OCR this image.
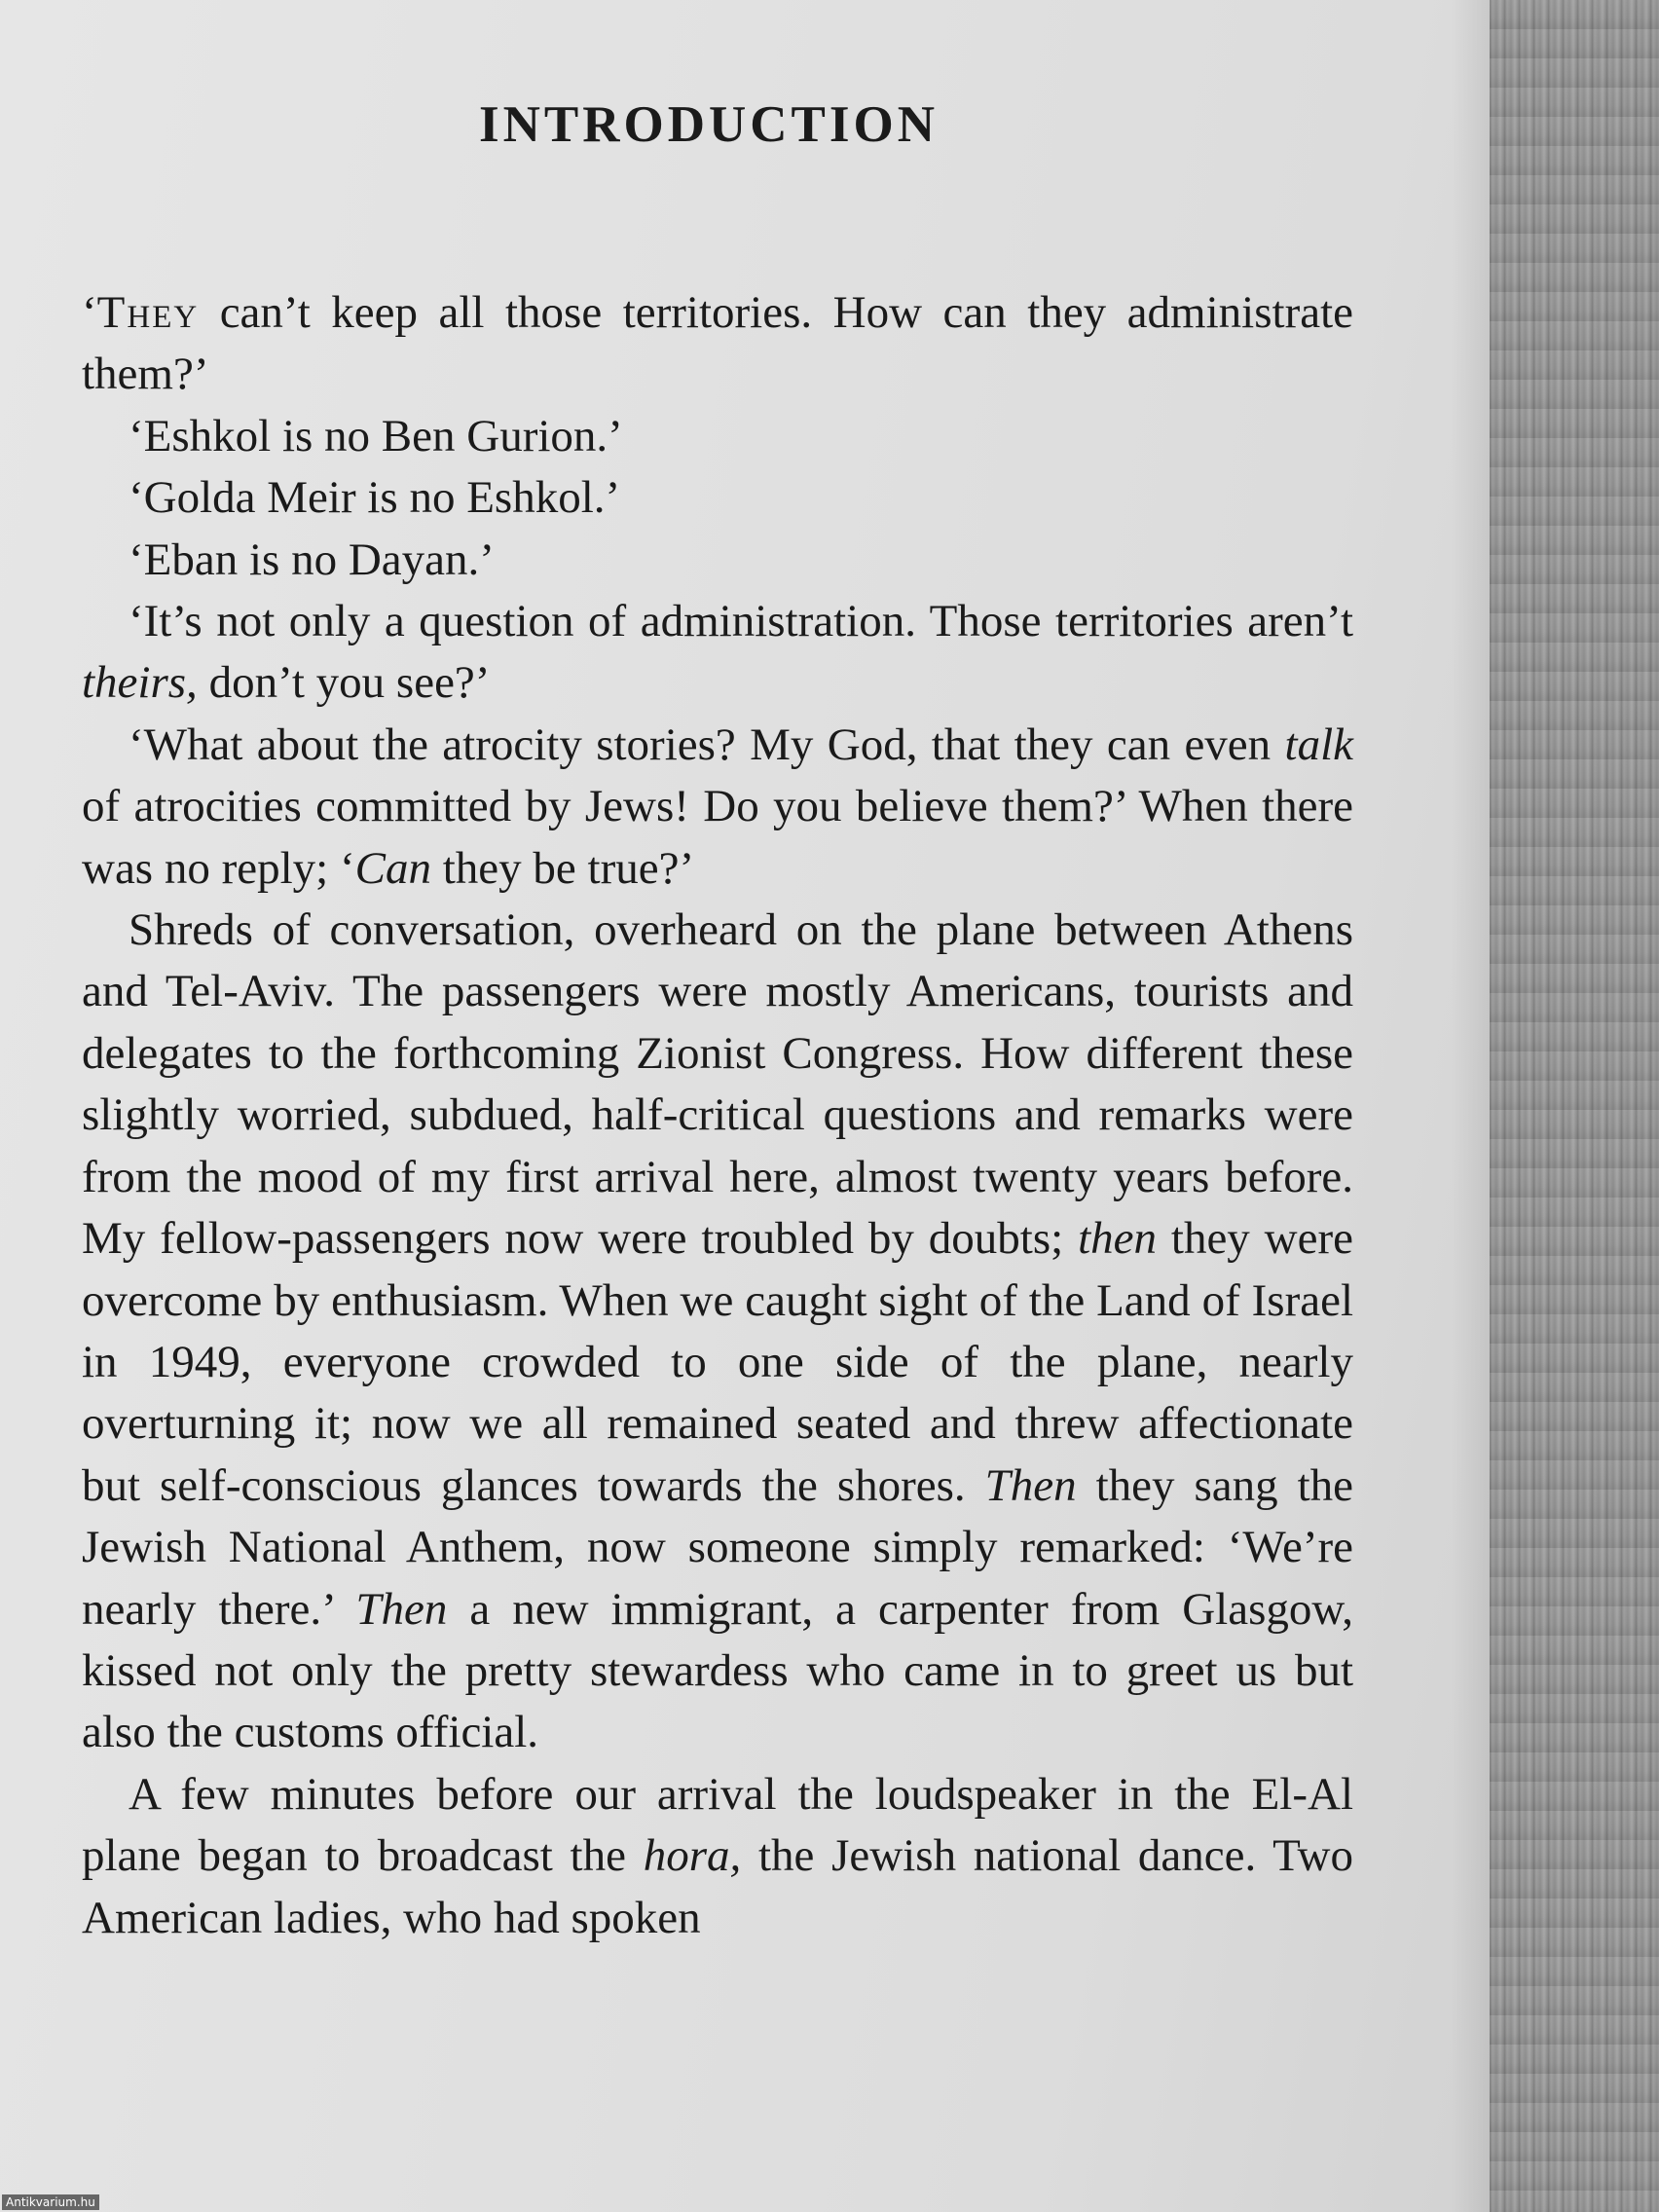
INTRODUCTION

‘They can’t keep all those territories. How can they administrate them?’

‘Eshkol is no Ben Gurion.’

‘Golda Meir is no Eshkol.’

‘Eban is no Dayan.’

‘It’s not only a question of administration. Those territories aren’t theirs, don’t you see?’

‘What about the atrocity stories? My God, that they can even talk of atrocities committed by Jews! Do you believe them?’ When there was no reply; ‘Can they be true?’

Shreds of conversation, overheard on the plane between Athens and Tel-Aviv. The passengers were mostly Americans, tourists and delegates to the forthcoming Zionist Congress. How different these slightly worried, subdued, half-critical questions and remarks were from the mood of my first arrival here, almost twenty years before. My fellow-passengers now were troubled by doubts; then they were overcome by enthusiasm. When we caught sight of the Land of Israel in 1949, everyone crowded to one side of the plane, nearly overturning it; now we all remained seated and threw affectionate but self-conscious glances towards the shores. Then they sang the Jewish National Anthem, now someone simply remarked: ‘We’re nearly there.’ Then a new immigrant, a carpenter from Glasgow, kissed not only the pretty stewardess who came in to greet us but also the customs official.

A few minutes before our arrival the loudspeaker in the El-Al plane began to broadcast the hora, the Jewish national dance. Two American ladies, who had spoken

Antikvarium.hu
